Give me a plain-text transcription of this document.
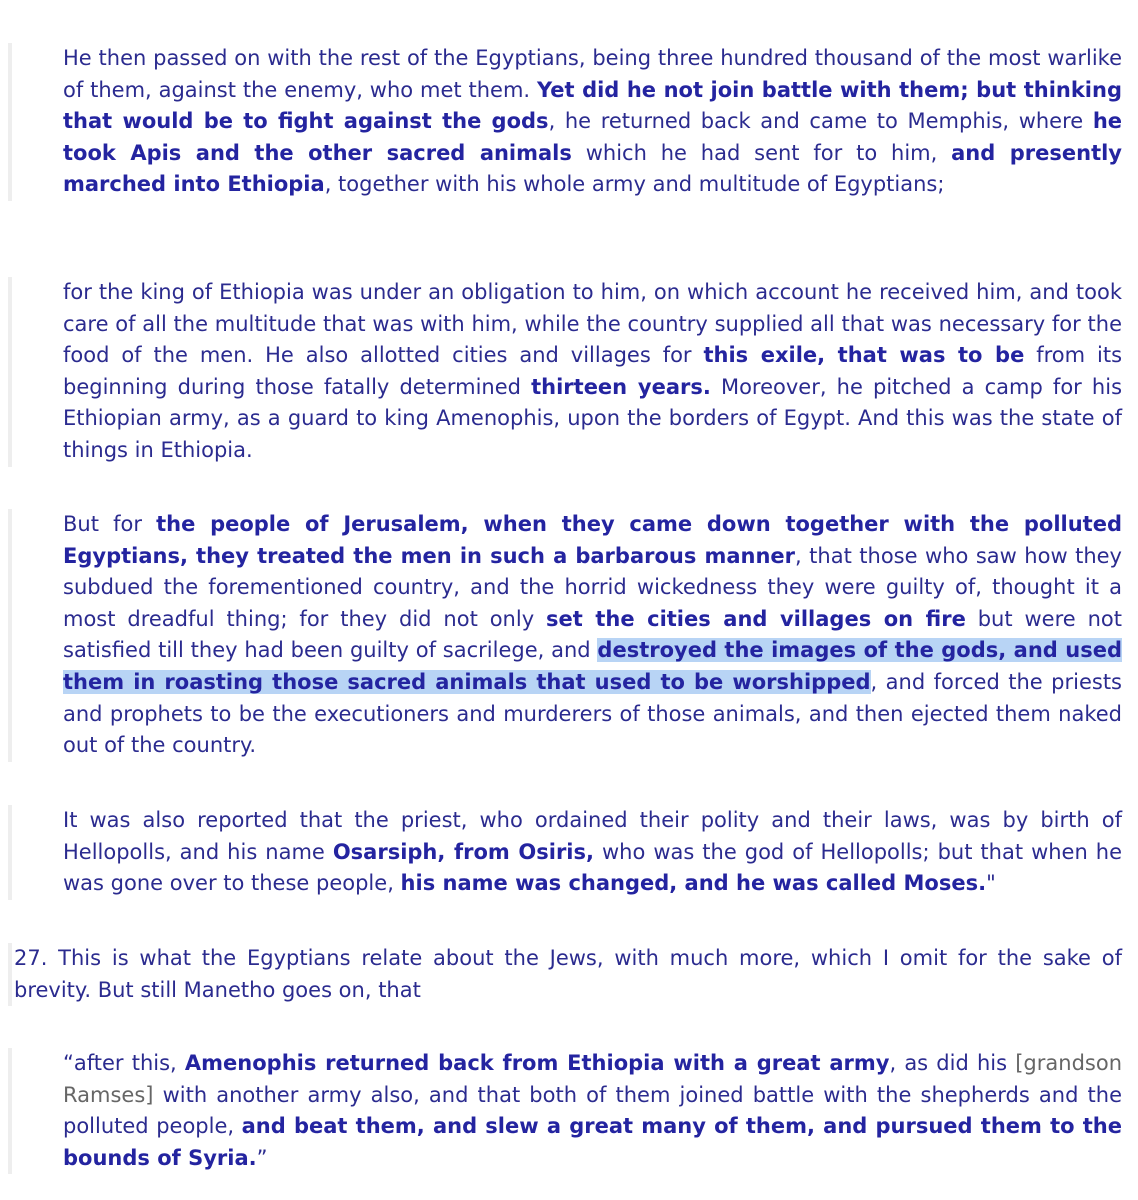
He then passed on with the rest of the Egyptians, being three hundred thousand of the most warlike of them, against the enemy, who met them. Yet did he not join battle with them; but thinking that would be to fight against the gods, he returned back and came to Memphis, where he took Apis and the other sacred animals which he had sent for to him, and presently marched into Ethiopia, together with his whole army and multitude of Egyptians;

for the king of Ethiopia was under an obligation to him, on which account he received him, and took care of all the multitude that was with him, while the country supplied all that was necessary for the food of the men. He also allotted cities and villages for this exile, that was to be from its beginning during those fatally determined thirteen years. Moreover, he pitched a camp for his Ethiopian army, as a guard to king Amenophis, upon the borders of Egypt. And this was the state of things in Ethiopia.

But for the people of Jerusalem, when they came down together with the polluted Egyptians, they treated the men in such a barbarous manner, that those who saw how they subdued the forementioned country, and the horrid wickedness they were guilty of, thought it a most dreadful thing; for they did not only set the cities and villages on fire but were not satisfied till they had been guilty of sacrilege, and destroyed the images of the gods, and used them in roasting those sacred animals that used to be worshipped, and forced the priests and prophets to be the executioners and murderers of those animals, and then ejected them naked out of the country.

It was also reported that the priest, who ordained their polity and their laws, was by birth of Hellopolls, and his name Osarsiph, from Osiris, who was the god of Hellopolls; but that when he was gone over to these people, his name was changed, and he was called Moses."

27. This is what the Egyptians relate about the Jews, with much more, which I omit for the sake of brevity. But still Manetho goes on, that

“after this, Amenophis returned back from Ethiopia with a great army, as did his [grandson Ramses] with another army also, and that both of them joined battle with the shepherds and the polluted people, and beat them, and slew a great many of them, and pursued them to the bounds of Syria.”
